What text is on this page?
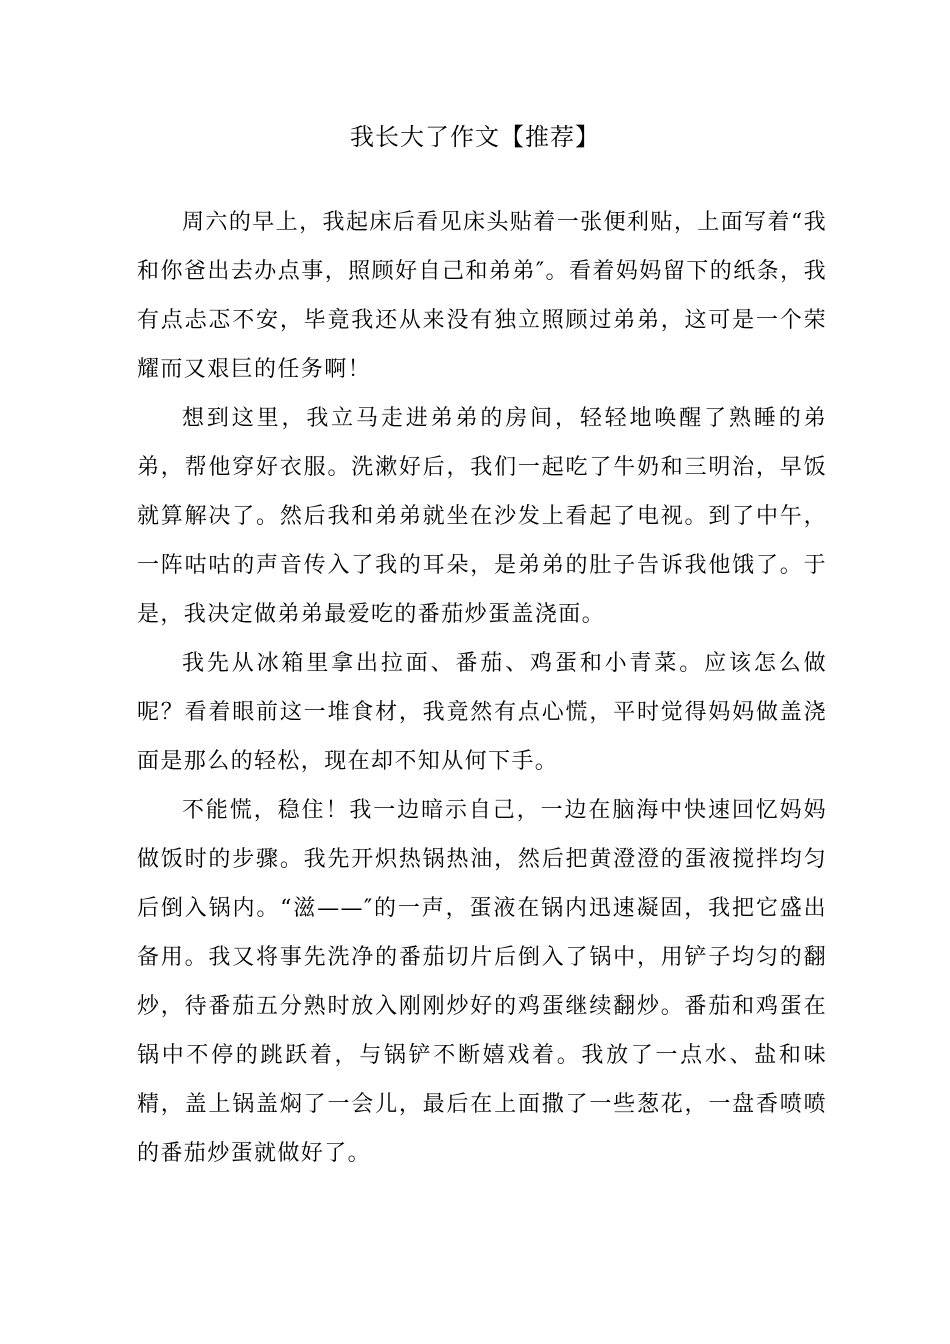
我长大了作文【推荐】

周六的早上，我起床后看见床头贴着一张便利贴，上面写着“我和你爸出去办点事，照顾好自己和弟弟″。看着妈妈留下的纸条，我有点忐忑不安，毕竟我还从来没有独立照顾过弟弟，这可是一个荣耀而又艰巨的任务啊！

想到这里，我立马走进弟弟的房间，轻轻地唤醒了熟睡的弟弟，帮他穿好衣服。洗漱好后，我们一起吃了牛奶和三明治，早饭就算解决了。然后我和弟弟就坐在沙发上看起了电视。到了中午，一阵咕咕的声音传入了我的耳朵，是弟弟的肚子告诉我他饿了。于是，我决定做弟弟最爱吃的番茄炒蛋盖浇面。

我先从冰箱里拿出拉面、番茄、鸡蛋和小青菜。应该怎么做呢？看着眼前这一堆食材，我竟然有点心慌，平时觉得妈妈做盖浇面是那么的轻松，现在却不知从何下手。

不能慌，稳住！我一边暗示自己，一边在脑海中快速回忆妈妈做饭时的步骤。我先开炽热锅热油，然后把黄澄澄的蛋液搅拌均匀后倒入锅内。“滋——″的一声，蛋液在锅内迅速凝固，我把它盛出备用。我又将事先洗净的番茄切片后倒入了锅中，用铲子均匀的翻炒，待番茄五分熟时放入刚刚炒好的鸡蛋继续翻炒。番茄和鸡蛋在锅中不停的跳跃着，与锅铲不断嬉戏着。我放了一点水、盐和味精，盖上锅盖焖了一会儿，最后在上面撒了一些葱花，一盘香喷喷的番茄炒蛋就做好了。
